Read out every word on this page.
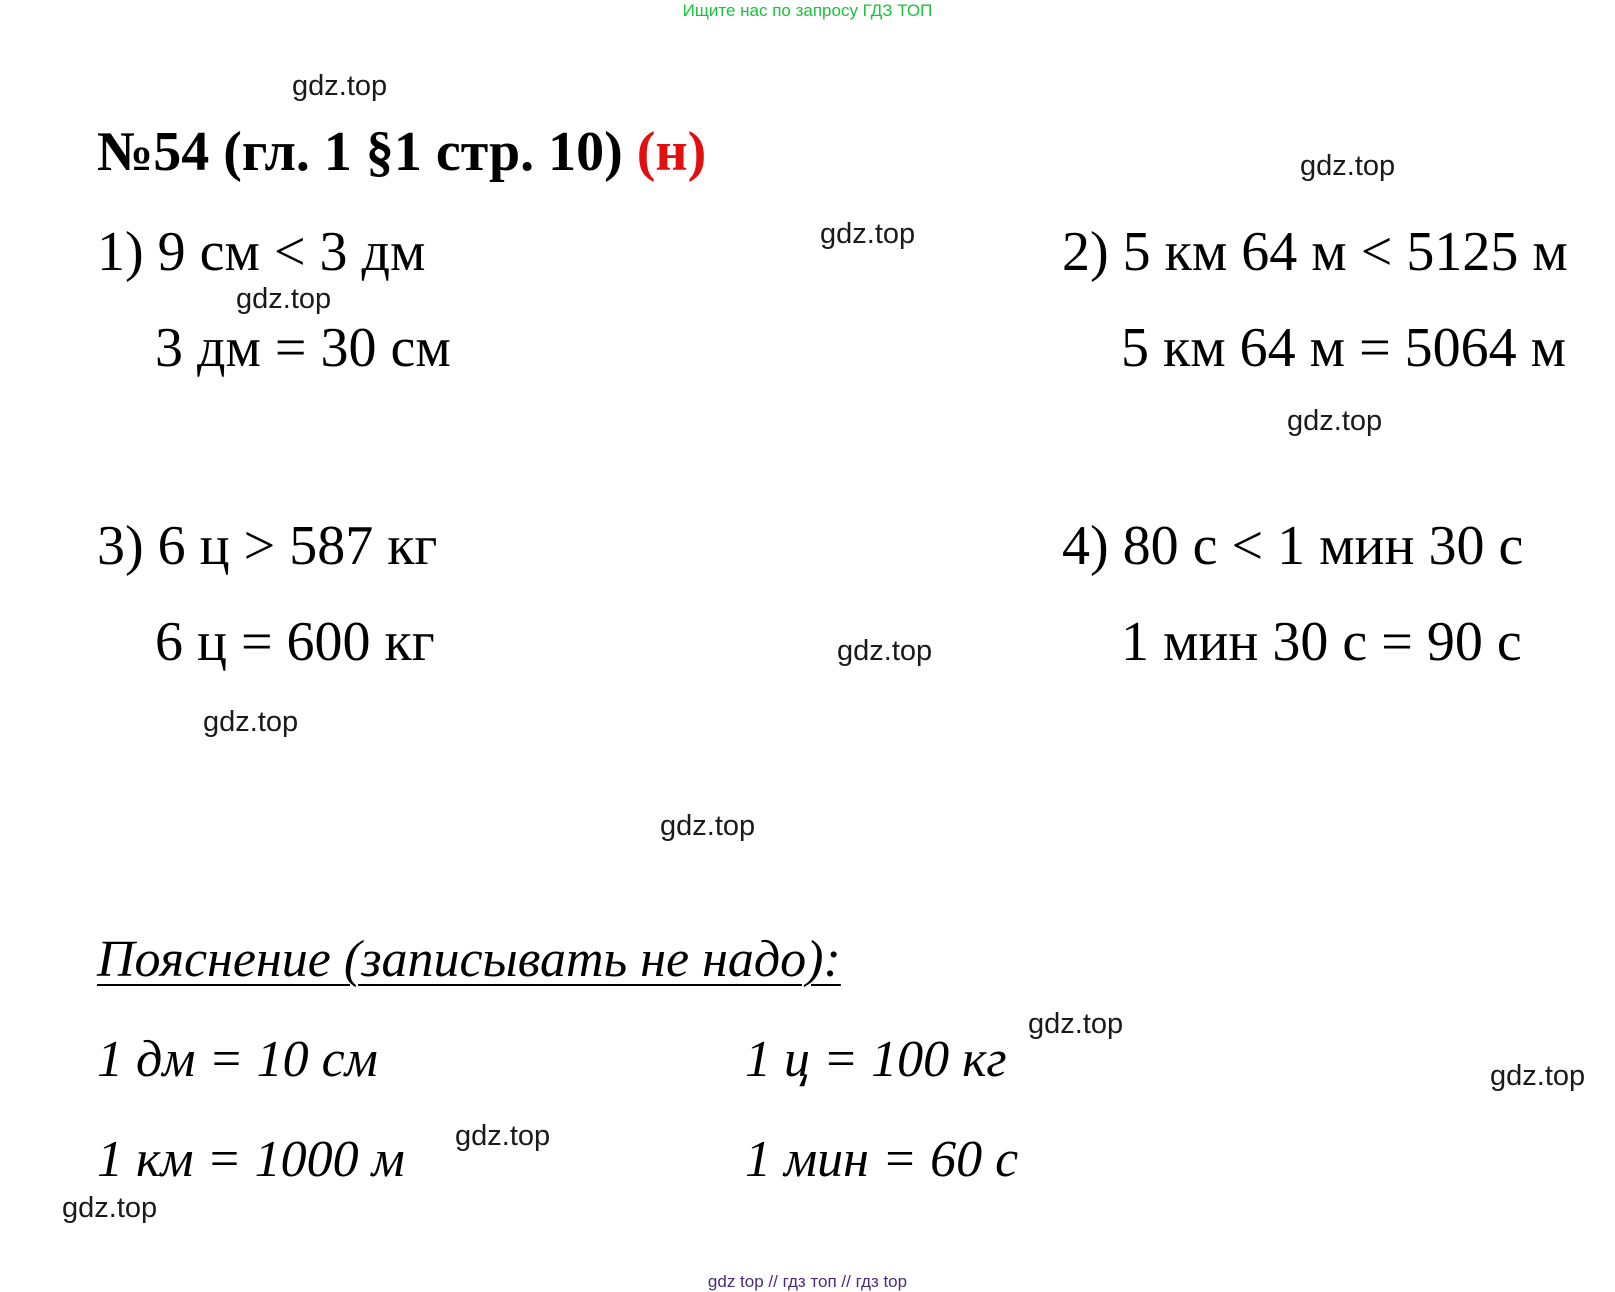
Ищите нас по запросу ГДЗ ТОП
№54 (гл. 1 §1 стр. 10) (н)
1) 9 см < 3 дм
3 дм = 30 см
2) 5 км 64 м < 5125 м
5 км 64 м = 5064 м
3) 6 ц > 587 кг
6 ц = 600 кг
4) 80 с < 1 мин 30 с
1 мин 30 с = 90 с
Пояснение (записывать не надо):
1 дм = 10 см	1 ц = 100 кг
1 км = 1000 м	1 мин = 60 с
gdz.top
gdz.top
gdz.top
gdz.top
gdz.top
gdz.top
gdz.top
gdz.top
gdz.top
gdz.top
gdz.top
gdz.top
gdz top // гдз топ // гдз top
